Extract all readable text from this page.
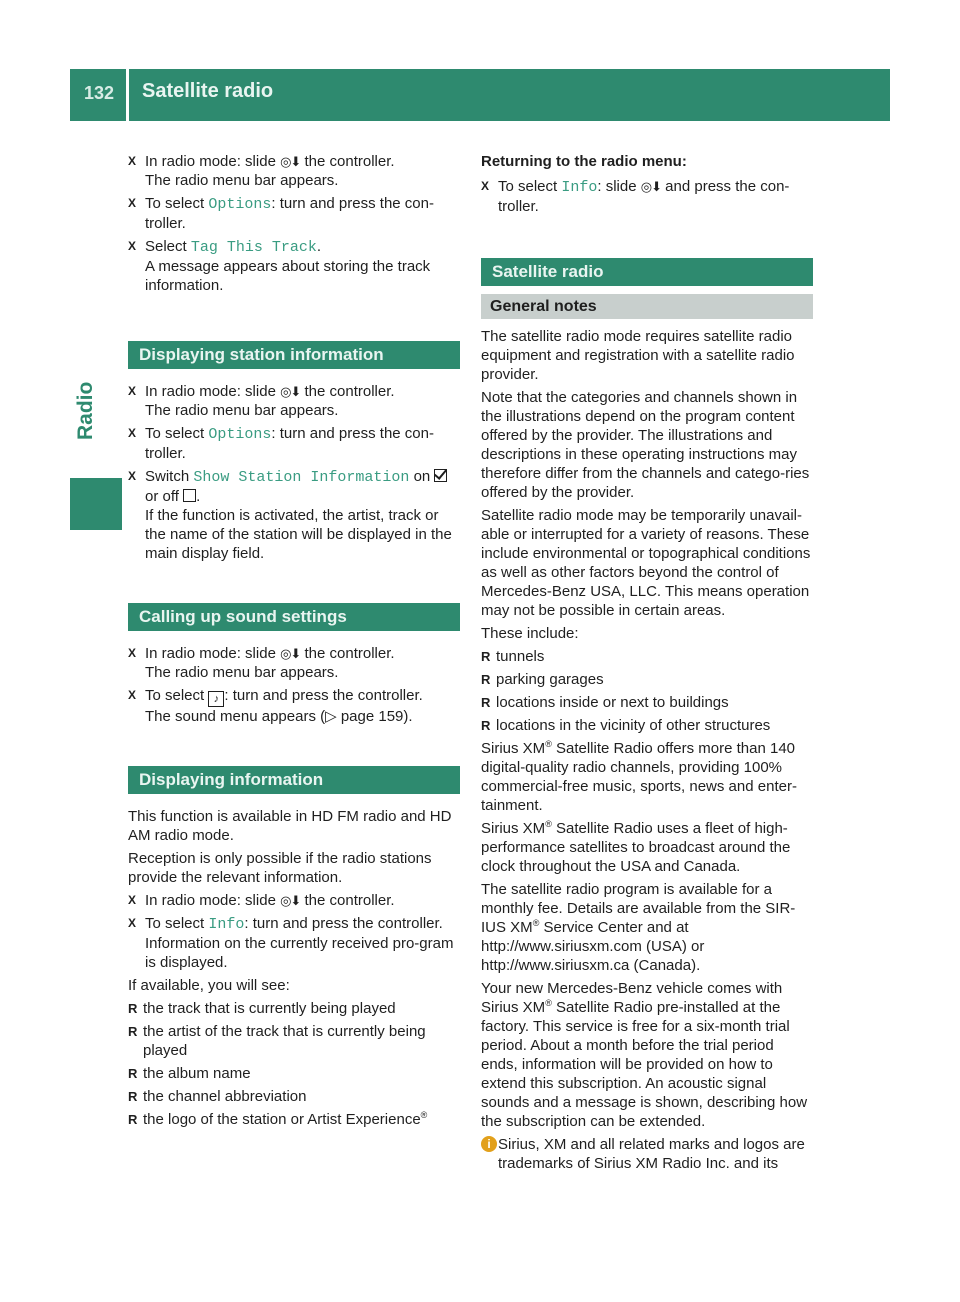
132 Satellite radio
Radio
X In radio mode: slide ◎⬇ the controller.
The radio menu bar appears.
X To select Options: turn and press the con-troller.
X Select Tag This Track.
A message appears about storing the track information.
Displaying station information
X In radio mode: slide ◎⬇ the controller.
The radio menu bar appears.
X To select Options: turn and press the con-troller.
X Switch Show Station Information on
or off .
If the function is activated, the artist, track or the name of the station will be displayed in the main display field.
Calling up sound settings
X In radio mode: slide ◎⬇ the controller.
The radio menu bar appears.
X To select ♪ : turn and press the controller.
The sound menu appears (▷ page 159).
Displaying information

This function is available in HD FM radio and HD AM radio mode.

Reception is only possible if the radio stations provide the relevant information.

X In radio mode: slide ◎⬇ the controller.
X To select Info: turn and press the controller.
Information on the currently received pro-gram is displayed.

If available, you will see:

R the track that is currently being played
R the artist of the track that is currently being played
R the album name
R the channel abbreviation
R the logo of the station or Artist Experience®

Returning to the radio menu:

X To select Info: slide ◎⬇ and press the con-troller.
Satellite radio
General notes

The satellite radio mode requires satellite radio equipment and registration with a satellite radio provider.

Note that the categories and channels shown in the illustrations depend on the program content offered by the provider. The illustrations and descriptions in these operating instructions may therefore differ from the channels and catego-ries offered by the provider.

Satellite radio mode may be temporarily unavail-able or interrupted for a variety of reasons. These include environmental or topographical conditions as well as other factors beyond the control of Mercedes-Benz USA, LLC. This means operation may not be possible in certain areas.

These include:

R tunnels
R parking garages
R locations inside or next to buildings
R locations in the vicinity of other structures

Sirius XM® Satellite Radio offers more than 140 digital-quality radio channels, providing 100% commercial-free music, sports, news and enter-tainment.

Sirius XM® Satellite Radio uses a fleet of high-performance satellites to broadcast around the clock throughout the USA and Canada.

The satellite radio program is available for a monthly fee. Details are available from the SIR-IUS XM® Service Center and at http://www.siriusxm.com (USA) or http://www.siriusxm.ca (Canada).

Your new Mercedes-Benz vehicle comes with Sirius XM® Satellite Radio pre-installed at the factory. This service is free for a six-month trial period. About a month before the trial period ends, information will be provided on how to extend this subscription. An acoustic signal sounds and a message is shown, describing how the subscription can be extended.

i Sirius, XM and all related marks and logos are trademarks of Sirius XM Radio Inc. and its
